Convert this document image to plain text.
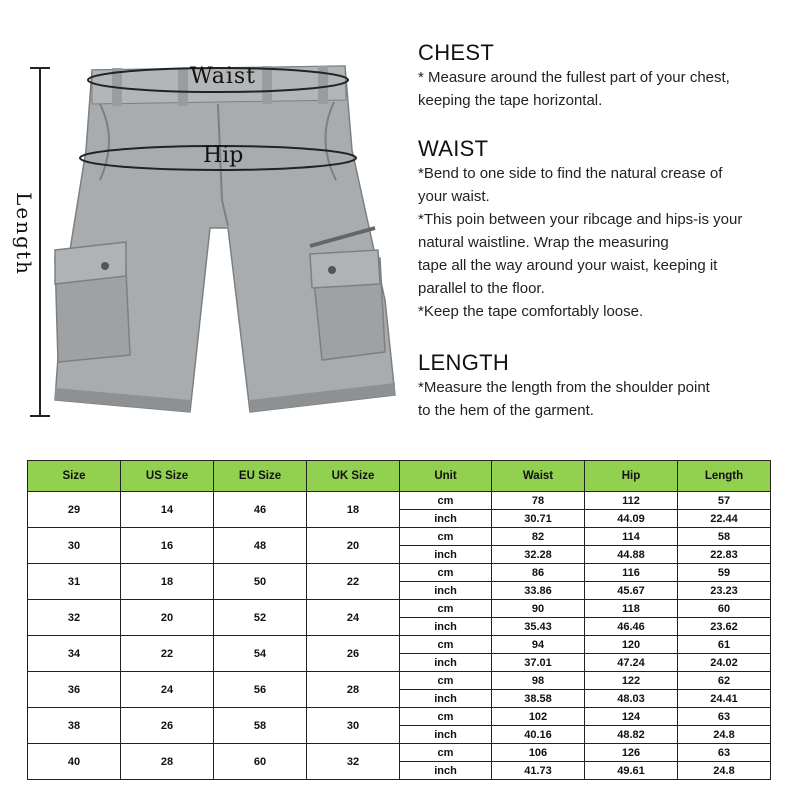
Waist
Hip
Length

CHEST

* Measure around the fullest part of your chest,

keeping the tape horizontal.

WAIST

*Bend to one side to find the natural crease of

your waist.

*This poin between your ribcage and hips-is your

natural waistline. Wrap the measuring

tape all the way around your waist, keeping it

parallel to the floor.

*Keep the tape comfortably loose.

LENGTH

*Measure the length from the shoulder point

to the hem of the garment.

Size	US Size	EU Size	UK Size	Unit	Waist	Hip	Length
29	14	46	18	cm	78	112	57
				inch	30.71	44.09	22.44
30	16	48	20	cm	82	114	58
				inch	32.28	44.88	22.83
31	18	50	22	cm	86	116	59
				inch	33.86	45.67	23.23
32	20	52	24	cm	90	118	60
				inch	35.43	46.46	23.62
34	22	54	26	cm	94	120	61
				inch	37.01	47.24	24.02
36	24	56	28	cm	98	122	62
				inch	38.58	48.03	24.41
38	26	58	30	cm	102	124	63
				inch	40.16	48.82	24.8
40	28	60	32	cm	106	126	63
				inch	41.73	49.61	24.8
